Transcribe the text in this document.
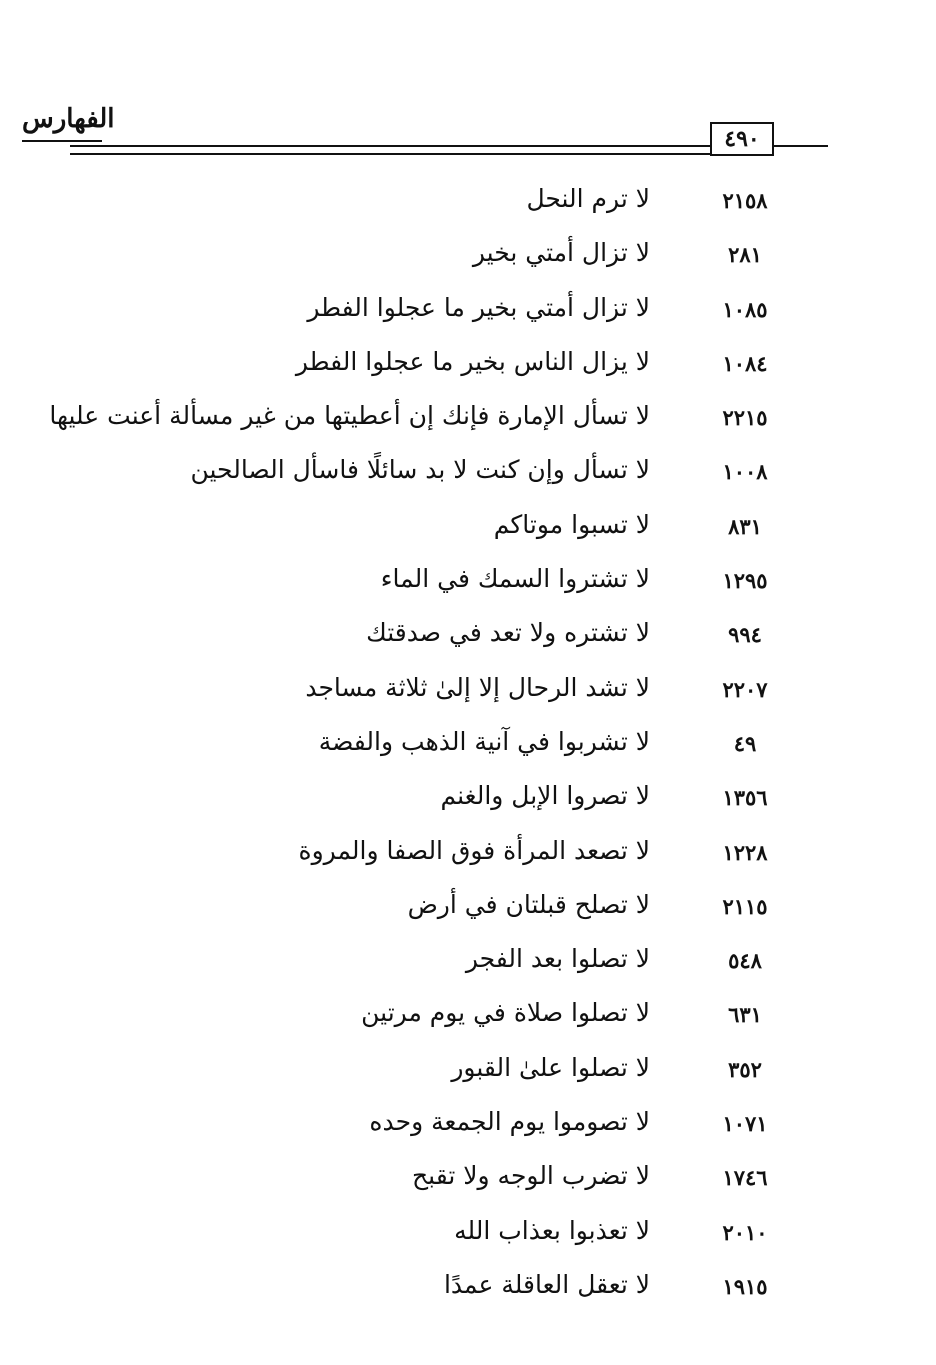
الفهارس
٤٩٠
٢١٥٨
لا ترم النحل
٢٨١
لا تزال أمتي بخير
١٠٨٥
لا تزال أمتي بخير ما عجلوا الفطر
١٠٨٤
لا يزال الناس بخير ما عجلوا الفطر
٢٢١٥
لا تسأل الإمارة فإنك إن أعطيتها من غير مسألة أعنت عليها
١٠٠٨
لا تسأل وإن كنت لا بد سائلًا فاسأل الصالحين
٨٣١
لا تسبوا موتاكم
١٢٩٥
لا تشتروا السمك في الماء
٩٩٤
لا تشتره ولا تعد في صدقتك
٢٢٠٧
لا تشد الرحال إلا إلىٰ ثلاثة مساجد
٤٩
لا تشربوا في آنية الذهب والفضة
١٣٥٦
لا تصروا الإبل والغنم
١٢٢٨
لا تصعد المرأة فوق الصفا والمروة
٢١١٥
لا تصلح قبلتان في أرض
٥٤٨
لا تصلوا بعد الفجر
٦٣١
لا تصلوا صلاة في يوم مرتين
٣٥٢
لا تصلوا علىٰ القبور
١٠٧١
لا تصوموا يوم الجمعة وحده
١٧٤٦
لا تضرب الوجه ولا تقبح
٢٠١٠
لا تعذبوا بعذاب الله
١٩١٥
لا تعقل العاقلة عمدًا
